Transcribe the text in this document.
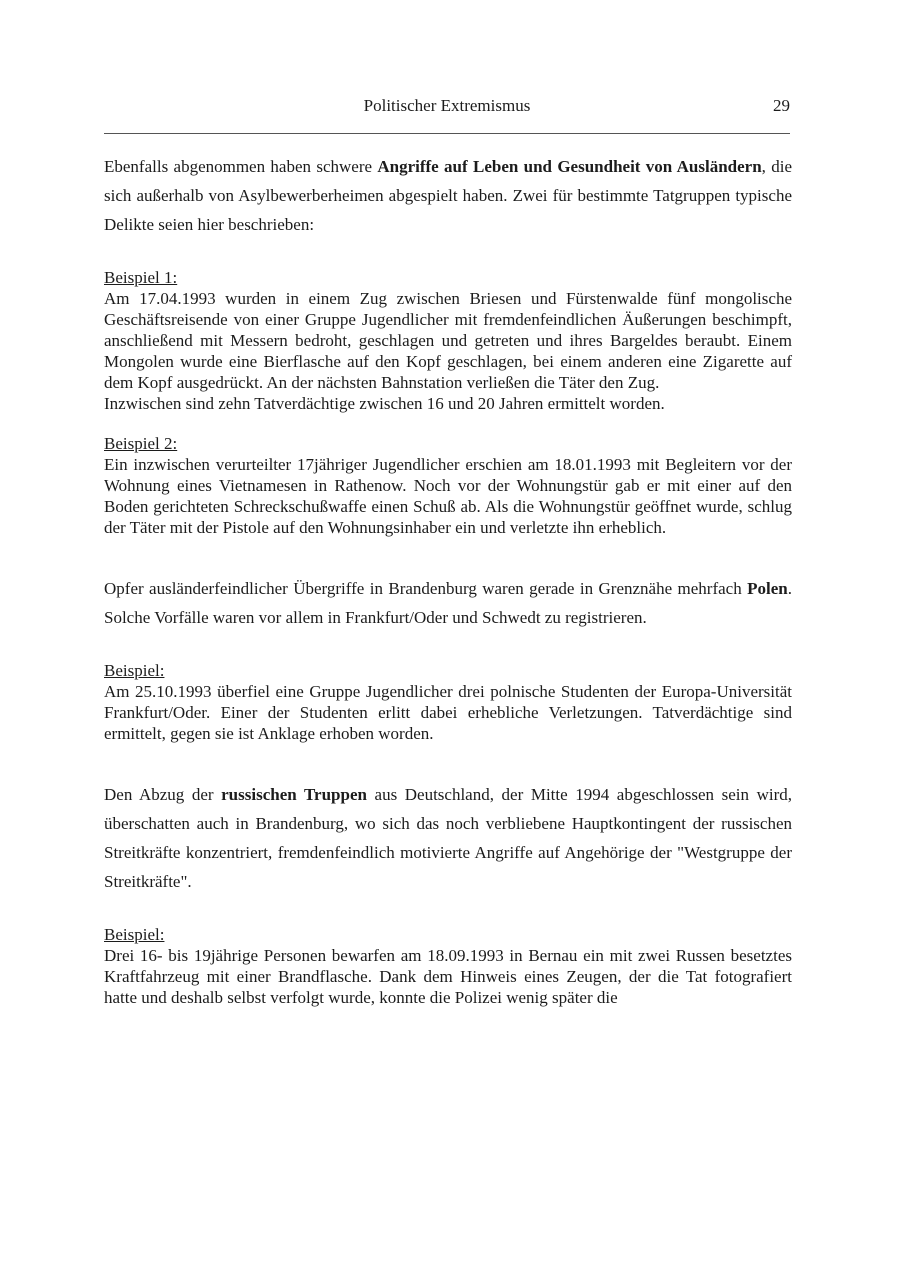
Politischer Extremismus	29

Ebenfalls abgenommen haben schwere Angriffe auf Leben und Gesundheit von Ausländern, die sich außerhalb von Asylbewerberheimen abgespielt haben. Zwei für bestimmte Tatgruppen typische Delikte seien hier beschrieben:

Beispiel 1:
Am 17.04.1993 wurden in einem Zug zwischen Briesen und Fürstenwalde fünf mongolische Geschäftsreisende von einer Gruppe Jugendlicher mit fremdenfeindlichen Äußerungen beschimpft, anschließend mit Messern bedroht, geschlagen und getreten und ihres Bargeldes beraubt. Einem Mongolen wurde eine Bierflasche auf den Kopf geschlagen, bei einem anderen eine Zigarette auf dem Kopf ausgedrückt. An der nächsten Bahnstation verließen die Täter den Zug.
Inzwischen sind zehn Tatverdächtige zwischen 16 und 20 Jahren ermittelt worden.
Beispiel 2:
Ein inzwischen verurteilter 17jähriger Jugendlicher erschien am 18.01.1993 mit Begleitern vor der Wohnung eines Vietnamesen in Rathenow. Noch vor der Wohnungstür gab er mit einer auf den Boden gerichteten Schreckschußwaffe einen Schuß ab. Als die Wohnungstür geöffnet wurde, schlug der Täter mit der Pistole auf den Wohnungsinhaber ein und verletzte ihn erheblich.

Opfer ausländerfeindlicher Übergriffe in Brandenburg waren gerade in Grenznähe mehrfach Polen. Solche Vorfälle waren vor allem in Frankfurt/Oder und Schwedt zu registrieren.

Beispiel:
Am 25.10.1993 überfiel eine Gruppe Jugendlicher drei polnische Studenten der Europa-Universität Frankfurt/Oder. Einer der Studenten erlitt dabei erhebliche Verletzungen. Tatverdächtige sind ermittelt, gegen sie ist Anklage erhoben worden.

Den Abzug der russischen Truppen aus Deutschland, der Mitte 1994 abgeschlossen sein wird, überschatten auch in Brandenburg, wo sich das noch verbliebene Hauptkontingent der russischen Streitkräfte konzentriert, fremdenfeindlich motivierte Angriffe auf Angehörige der "Westgruppe der Streitkräfte".

Beispiel:
Drei 16- bis 19jährige Personen bewarfen am 18.09.1993 in Bernau ein mit zwei Russen besetztes Kraftfahrzeug mit einer Brandflasche. Dank dem Hinweis eines Zeugen, der die Tat fotografiert hatte und deshalb selbst verfolgt wurde, konnte die Polizei wenig später die
